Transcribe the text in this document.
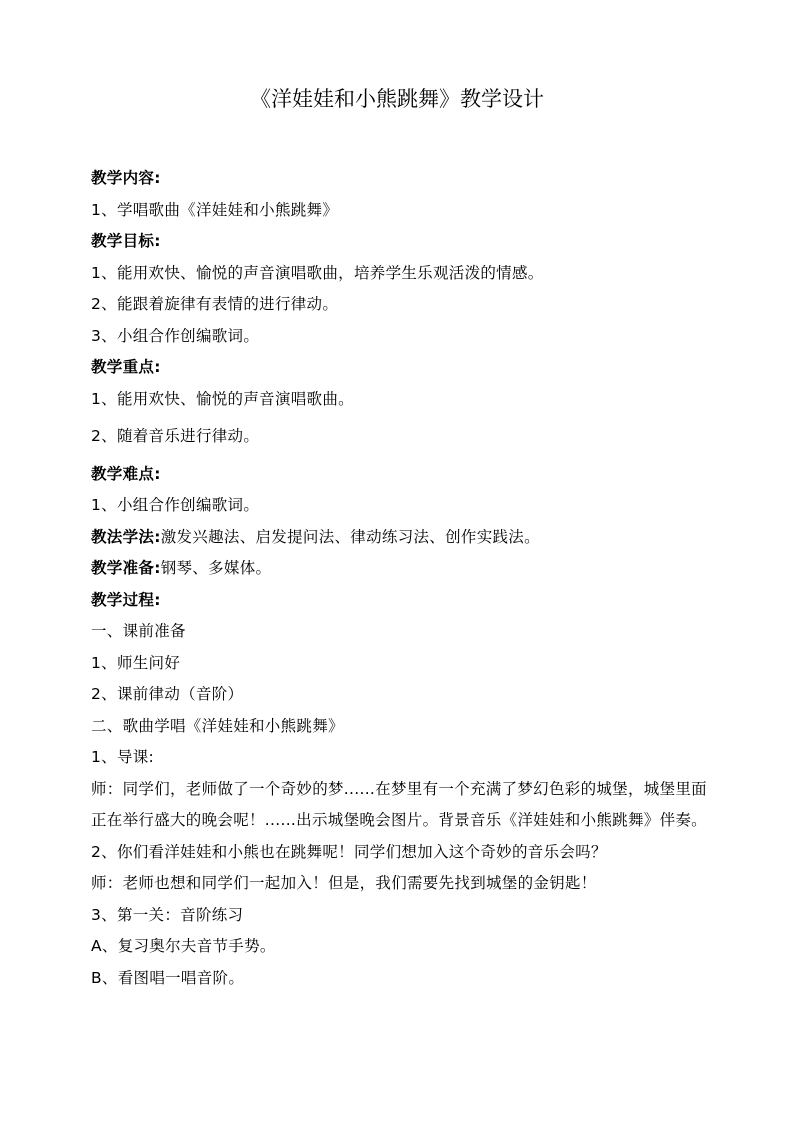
《洋娃娃和小熊跳舞》教学设计
教学内容:
1、学唱歌曲《洋娃娃和小熊跳舞》
教学目标:
1、能用欢快、愉悦的声音演唱歌曲，培养学生乐观活泼的情感。
2、能跟着旋律有表情的进行律动。
3、小组合作创编歌词。
教学重点:
1、能用欢快、愉悦的声音演唱歌曲。
2、随着音乐进行律动。
教学难点:
1、小组合作创编歌词。
教法学法:激发兴趣法、启发提问法、律动练习法、创作实践法。
教学准备:钢琴、多媒体。
教学过程:
一、课前准备
1、师生问好
2、课前律动（音阶）
二、歌曲学唱《洋娃娃和小熊跳舞》
1、导课:
师：同学们，老师做了一个奇妙的梦......在梦里有一个充满了梦幻色彩的城堡，城堡里面正在举行盛大的晚会呢！......出示城堡晚会图片。背景音乐《洋娃娃和小熊跳舞》伴奏。
2、你们看洋娃娃和小熊也在跳舞呢！同学们想加入这个奇妙的音乐会吗？
师：老师也想和同学们一起加入！但是，我们需要先找到城堡的金钥匙！
3、第一关：音阶练习
A、复习奥尔夫音节手势。
B、看图唱一唱音阶。
